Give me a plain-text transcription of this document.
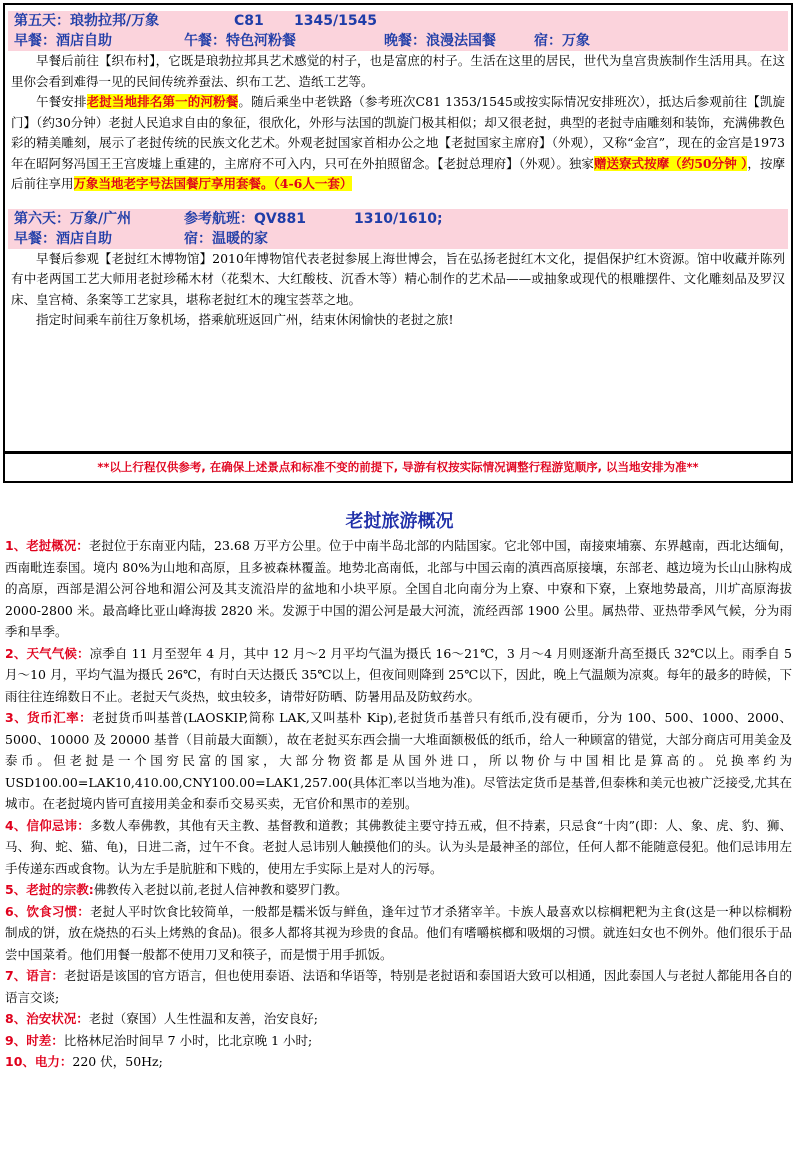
第五天：琅勃拉邦/万象	C81 1345/1545
早餐：酒店自助	午餐：特色河粉餐	晚餐：浪漫法国餐	宿：万象

早餐后前往【织布村】，它既是琅勃拉邦具艺术感觉的村子，也是富庶的村子。生活在这里的居民，世代为皇宫贵族制作生活用具。在这里你会看到难得一见的民间传统养蚕法、织布工艺、造纸工艺等。

午餐安排老挝当地排名第一的河粉餐。随后乘坐中老铁路（参考班次C81 1353/1545或按实际情况安排班次），抵达后参观前往【凯旋门】（约30分钟）老挝人民追求自由的象征，很欣化，外形与法国的凯旋门极其相似；却又很老挝，典型的老挝寺庙雕刻和装饰，充满佛教色彩的精美雕刻，展示了老挝传统的民族文化艺术。外观老挝国家首相办公之地【老挝国家主席府】（外观），又称“金宫”，现在的金宫是1973年在昭阿努冯国王王宫废墟上重建的，主席府不可入内，只可在外拍照留念。【老挝总理府】（外观）。独家赠送寮式按摩（约50分钟 ），按摩后前往享用万象当地老字号法国餐厅享用套餐。（4-6人一套）

第六天：万象/广州	参考航班：QV881	1310/1610;
早餐：酒店自助	宿：温暖的家

早餐后参观【老挝红木博物馆】2010年博物馆代表老挝参展上海世博会，旨在弘扬老挝红木文化，提倡保护红木资源。馆中收藏并陈列有中老两国工艺大师用老挝珍稀木材（花梨木、大红酸枝、沉香木等）精心制作的艺术品——或抽象或现代的根雕摆件、文化雕刻品及罗汉床、皇宫椅、条案等工艺家具，堪称老挝红木的瑰宝荟萃之地。

指定时间乘车前往万象机场，搭乘航班返回广州，结束休闲愉快的老挝之旅!

**以上行程仅供参考, 在确保上述景点和标准不变的前提下, 导游有权按实际情况调整行程游览顺序, 以当地安排为准**
老挝旅游概况

1、老挝概况：老挝位于东南亚内陆，23.68 万平方公里。位于中南半岛北部的内陆国家。它北邻中国，南接柬埔寨、东界越南，西北达缅甸，西南毗连泰国。境内 80%为山地和高原，且多被森林覆盖。地势北高南低，北部与中国云南的滇西高原接壤，东部老、越边境为长山山脉构成的高原，西部是湄公河谷地和湄公河及其支流沿岸的盆地和小块平原。全国自北向南分为上寮、中寮和下寮，上寮地势最高，川圹高原海拔 2000-2800 米。最高峰比亚山峰海拔 2820 米。发源于中国的湄公河是最大河流，流经西部 1900 公里。属热带、亚热带季风气候，分为雨季和旱季。

2、天气气候：凉季自 11 月至翌年 4 月，其中 12 月～2 月平均气温为摄氏 16～21℃，3 月～4 月则逐渐升高至摄氏 32℃以上。雨季自 5 月～10 月，平均气温为摄氏 26℃，有时白天达摄氏 35℃以上，但夜间则降到 25℃以下，因此，晚上气温颇为凉爽。每年的最多的時候，下雨往往连绵数日不止。老挝天气炎热，蚊虫较多，请带好防晒、防暑用品及防蚊药水。

3、货币汇率：老挝货币叫基普(LAOSKIP,简称 LAK,又叫基朴 Kip),老挝货币基普只有纸币,没有硬币，分为 100、500、1000、2000、5000、10000 及 20000 基普（目前最大面额），故在老挝买东西会揣一大堆面额极低的纸币，给人一种顾富的错觉，大部分商店可用美金及泰币。但老挝是一个国穷民富的国家，大部分物资都是从国外进口，所以物价与中国相比是算高的。兑换率约为 USD100.00=LAK10,410.00,CNY100.00=LAK1,257.00(具体汇率以当地为准)。尽管法定货币是基普,但泰株和美元也被广泛接受,尤其在城市。在老挝境内皆可直接用美金和泰币交易买卖，无官价和黑市的差别。

4、信仰忌讳：多数人奉佛教，其他有天主教、基督教和道教；其佛教徒主要守持五戒，但不持素，只忌食“十肉”(即：人、象、虎、豹、狮、马、狗、蛇、猫、龟)，日进二斋，过午不食。老挝人忌讳别人触摸他们的头。认为头是最神圣的部位，任何人都不能随意侵犯。他们忌讳用左手传递东西或食物。认为左手是肮脏和下贱的，使用左手实际上是对人的污辱。

5、老挝的宗教:佛教传入老挝以前,老挝人信神教和婆罗门教。

6、饮食习惯：老挝人平时饮食比较简单，一般都是糯米饭与鲜鱼，逢年过节才杀猪宰羊。卡族人最喜欢以棕榈粑粑为主食(这是一种以棕榈粉制成的饼，放在烧热的石头上烤熟的食品)。很多人都将其视为珍贵的食品。他们有嗜嚼槟榔和吸烟的习惯。就连妇女也不例外。他们很乐于品尝中国菜肴。他们用餐一般都不使用刀叉和筷子，而是惯于用手抓饭。

7、语言：老挝语是该国的官方语言，但也使用泰语、法语和华语等，特别是老挝语和泰国语大致可以相通，因此泰国人与老挝人都能用各自的语言交谈;

8、治安状况：老挝（寮国）人生性温和友善，治安良好;

9、时差：比格林尼治时间早 7 小时，比北京晚 1 小时;

10、电力：220 伏，50Hz;
